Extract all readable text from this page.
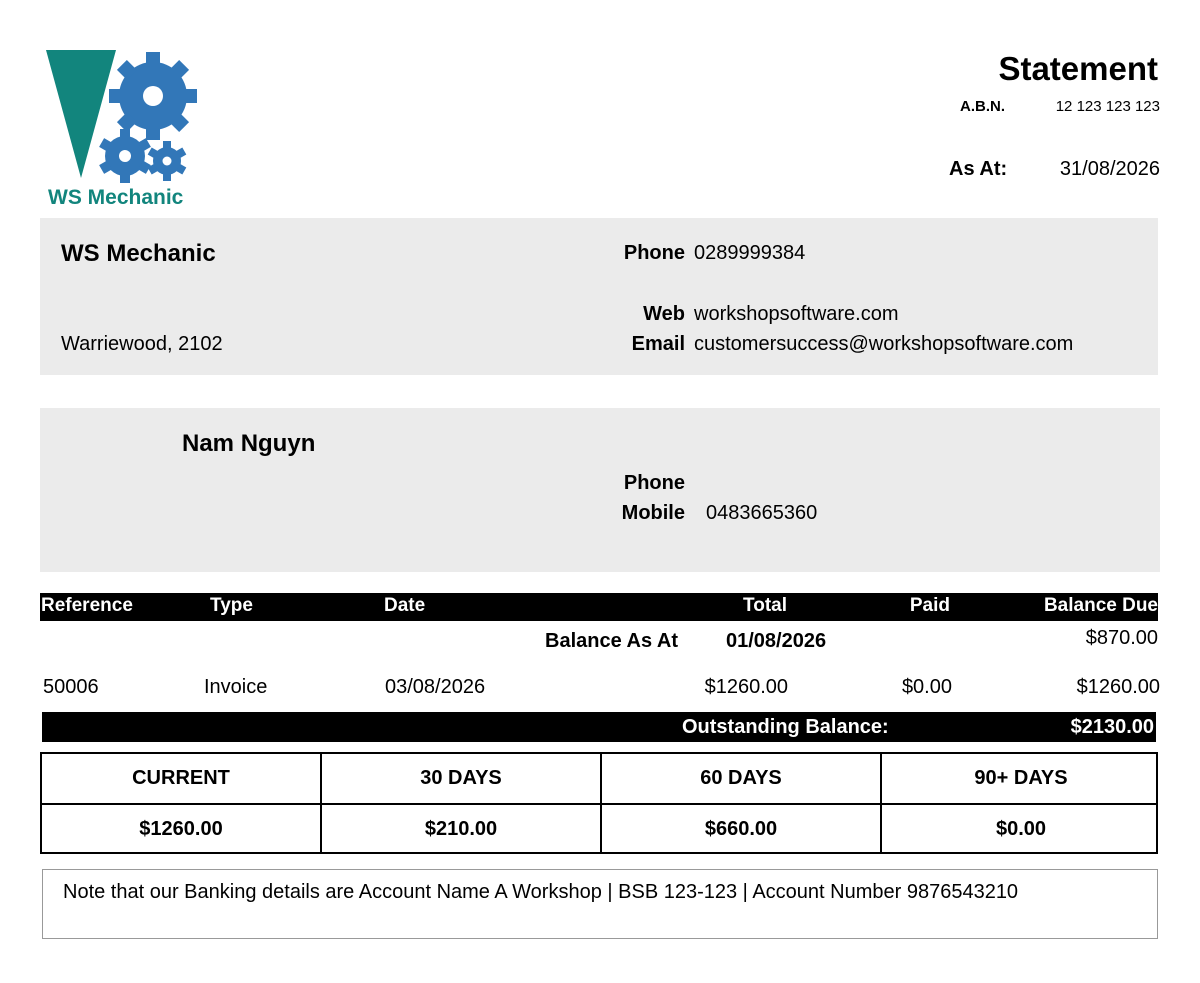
WS Mechanic
Statement
A.B.N.	12 123 123 123
As At:	31/08/2026
WS Mechanic
Warriewood, 2102
Phone 0289999384
Web workshopsoftware.com
Email customersuccess@workshopsoftware.com
Nam Nguyn
Phone
Mobile 0483665360
Reference	Type	Date	Total	Paid	Balance Due
Balance As At 01/08/2026	$870.00
50006	Invoice	03/08/2026	$1260.00	$0.00	$1260.00
Outstanding Balance:	$2130.00
CURRENT	30 DAYS	60 DAYS	90+ DAYS
$1260.00	$210.00	$660.00	$0.00
Note that our Banking details are Account Name A Workshop | BSB 123-123 | Account Number 9876543210
